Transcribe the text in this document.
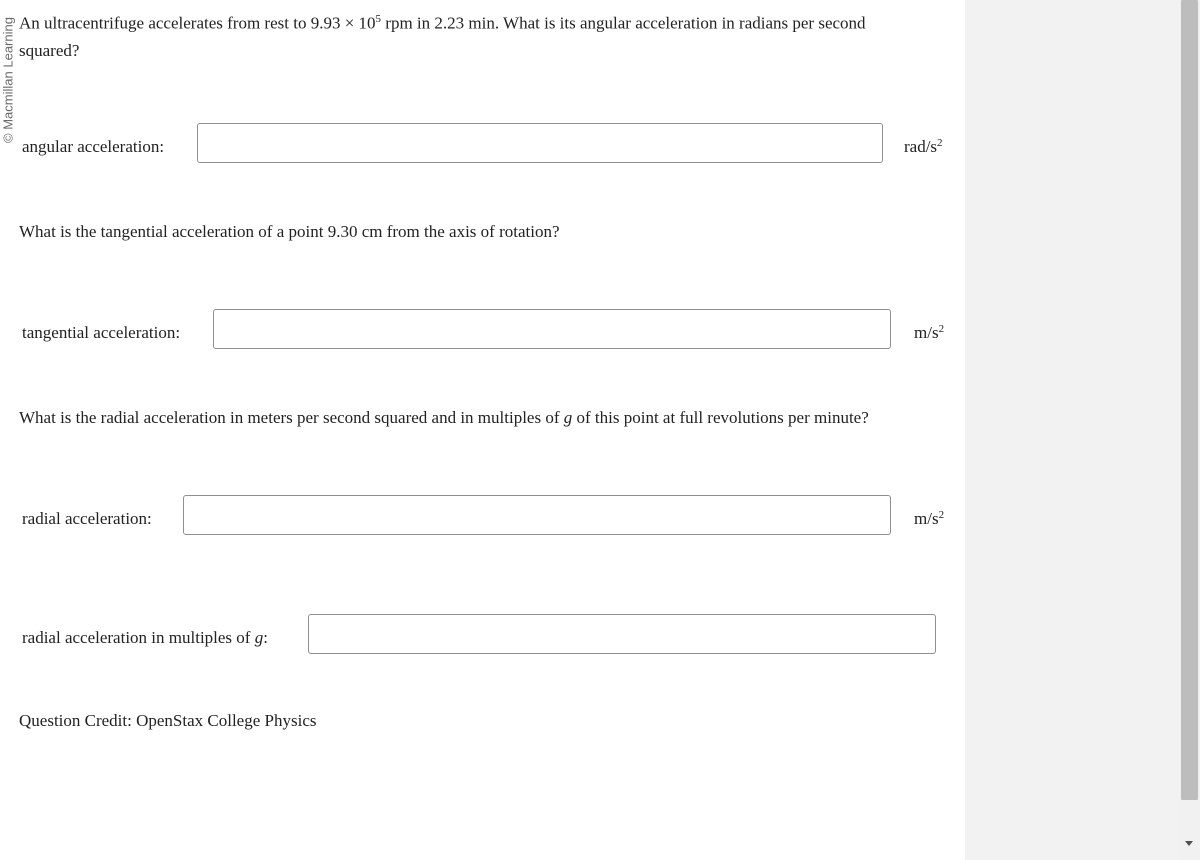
© Macmillan Learning An ultracentrifuge accelerates from rest to $9.93 \times 10^5$ rpm in 2.23 min. What is its angular acceleration in radians per second squared?

angular acceleration:	rad/$s^2$

What is the tangential acceleration of a point 9.30 cm from the axis of rotation?

tangential acceleration:	$m/s^2$

What is the radial acceleration in meters per second squared and in multiples of g of this point at full revolutions per minute?

radial acceleration:	$m/s^2$
radial acceleration in multiples of g:
Question Credit: OpenStax College Physics
